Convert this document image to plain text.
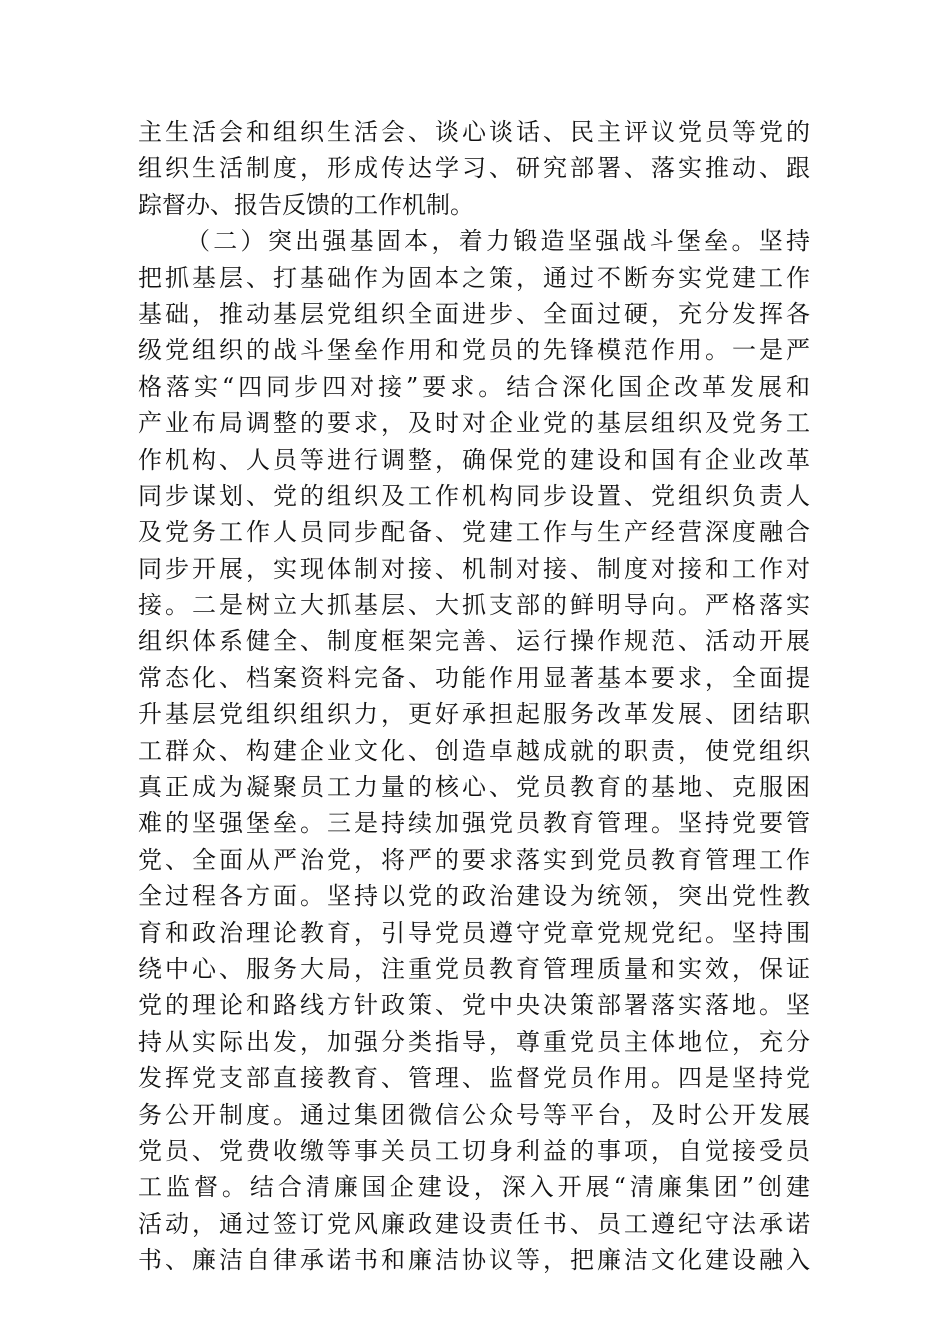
主生活会和组织生活会、谈心谈话、民主评议党员等党的
组织生活制度，形成传达学习、研究部署、落实推动、跟
踪督办、报告反馈的工作机制。
（二）突出强基固本，着力锻造坚强战斗堡垒。坚持
把抓基层、打基础作为固本之策，通过不断夯实党建工作
基础，推动基层党组织全面进步、全面过硬，充分发挥各
级党组织的战斗堡垒作用和党员的先锋模范作用。一是严
格落实“四同步四对接”要求。结合深化国企改革发展和
产业布局调整的要求，及时对企业党的基层组织及党务工
作机构、人员等进行调整，确保党的建设和国有企业改革
同步谋划、党的组织及工作机构同步设置、党组织负责人
及党务工作人员同步配备、党建工作与生产经营深度融合
同步开展，实现体制对接、机制对接、制度对接和工作对
接。二是树立大抓基层、大抓支部的鲜明导向。严格落实
组织体系健全、制度框架完善、运行操作规范、活动开展
常态化、档案资料完备、功能作用显著基本要求，全面提
升基层党组织组织力，更好承担起服务改革发展、团结职
工群众、构建企业文化、创造卓越成就的职责，使党组织
真正成为凝聚员工力量的核心、党员教育的基地、克服困
难的坚强堡垒。三是持续加强党员教育管理。坚持党要管
党、全面从严治党，将严的要求落实到党员教育管理工作
全过程各方面。坚持以党的政治建设为统领，突出党性教
育和政治理论教育，引导党员遵守党章党规党纪。坚持围
绕中心、服务大局，注重党员教育管理质量和实效，保证
党的理论和路线方针政策、党中央决策部署落实落地。坚
持从实际出发，加强分类指导，尊重党员主体地位，充分
发挥党支部直接教育、管理、监督党员作用。四是坚持党
务公开制度。通过集团微信公众号等平台，及时公开发展
党员、党费收缴等事关员工切身利益的事项，自觉接受员
工监督。结合清廉国企建设，深入开展“清廉集团”创建
活动，通过签订党风廉政建设责任书、员工遵纪守法承诺
书、廉洁自律承诺书和廉洁协议等，把廉洁文化建设融入
